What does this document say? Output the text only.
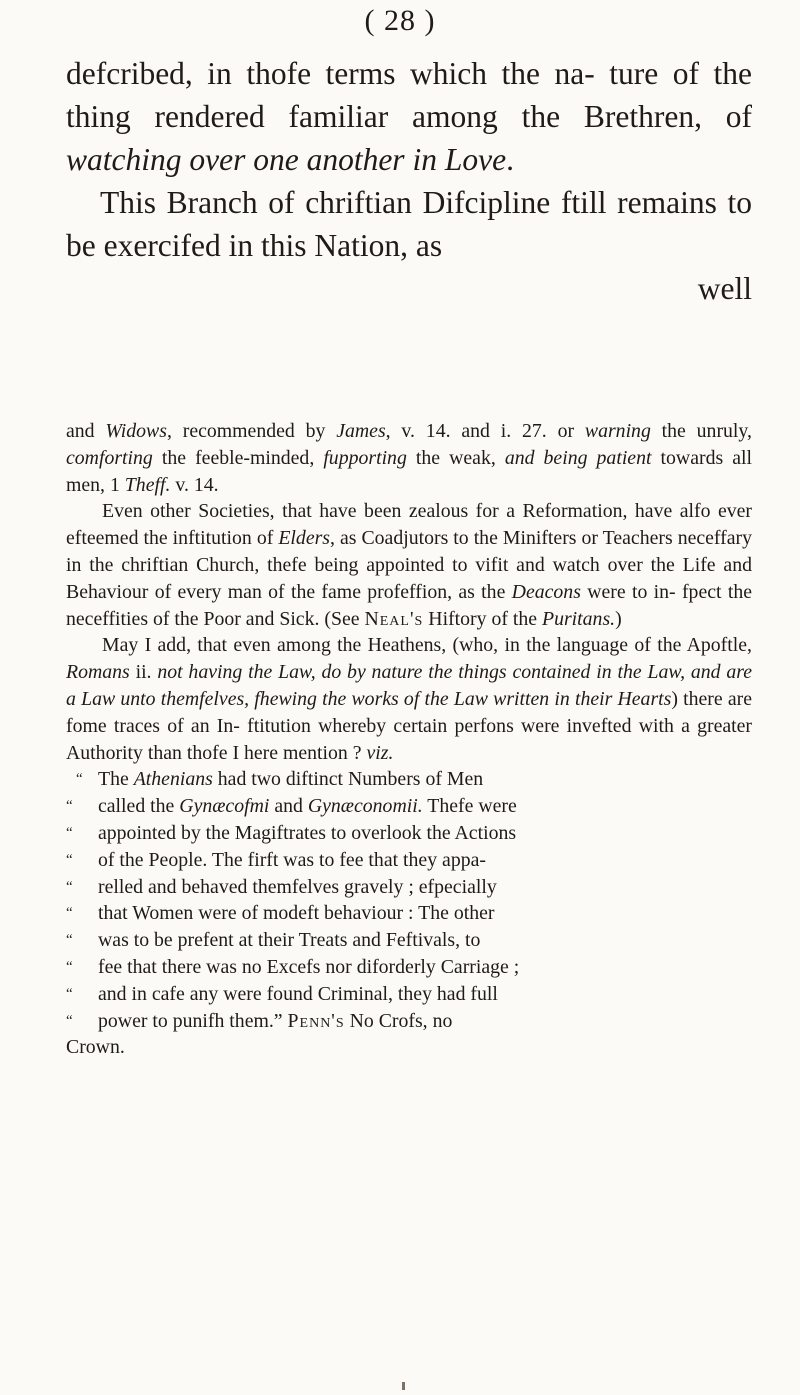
( 28 )

defcribed, in thofe terms which the na- ture of the thing rendered familiar among the Brethren, of watching over one another in Love.

This Branch of chriftian Difcipline ftill remains to be exercifed in this Nation, as
well

and Widows, recommended by James, v. 14. and i. 27. or warning the unruly, comforting the feeble-minded, fupporting the weak, and being patient towards all men, 1 Theff. v. 14.

Even other Societies, that have been zealous for a Reformation, have alfo ever efteemed the inftitution of Elders, as Coadjutors to the Minifters or Teachers neceffary in the chriftian Church, thefe being appointed to vifit and watch over the Life and Behaviour of every man of the fame profeffion, as the Deacons were to in- fpect the neceffities of the Poor and Sick. (See Neal's Hiftory of the Puritans.)

May I add, that even among the Heathens, (who, in the language of the Apoftle, Romans ii. not having the Law, do by nature the things contained in the Law, and are a Law unto themfelves, fhewing the works of the Law written in their Hearts) there are fome traces of an In- ftitution whereby certain perfons were invefted with a greater Authority than thofe I here mention ? viz.

“ The Athenians had two diftinct Numbers of Men
“ called the Gynæcofmi and Gynæconomii. Thefe were
“ appointed by the Magiftrates to overlook the Actions
“ of the People. The firft was to fee that they appa-
“ relled and behaved themfelves gravely ; efpecially
“ that Women were of modeft behaviour : The other
“ was to be prefent at their Treats and Feftivals, to
“ fee that there was no Excefs nor diforderly Carriage ;
“ and in cafe any were found Criminal, they had full
“ power to punifh them.” Penn's No Crofs, no
Crown.
